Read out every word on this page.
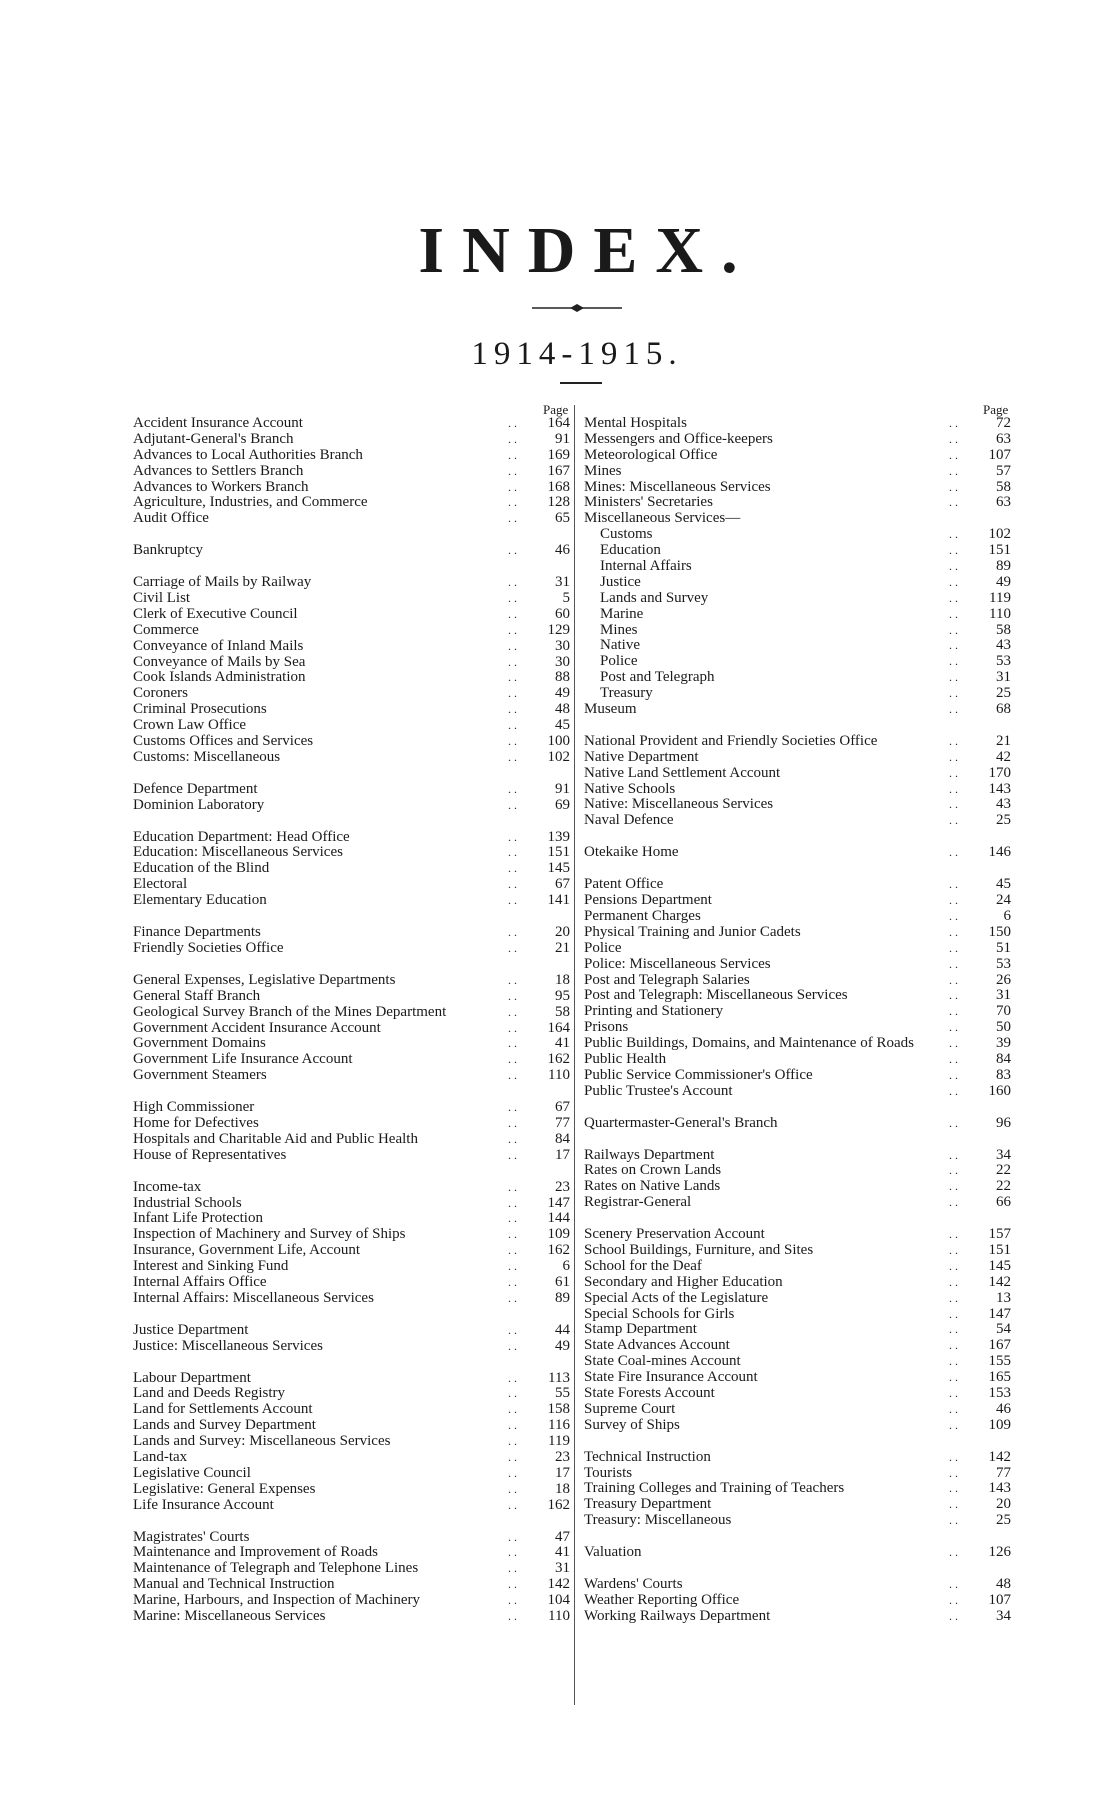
INDEX.
1914-1915.
Page	Page
Accident Insurance Account	.. 164
Adjutant-General's Branch	.. 91
Advances to Local Authorities Branch	.. 169
Advances to Settlers Branch	.. 167
Advances to Workers Branch	.. 168
Agriculture, Industries, and Commerce	.. 128
Audit Office	.. 65
Bankruptcy	.. 46
Carriage of Mails by Railway	.. 31
Civil List	..	5
Clerk of Executive Council	.. 60
Commerce	.. 129
Conveyance of Inland Mails	.. 30
Conveyance of Mails by Sea	.. 30
Cook Islands Administration	.. 88
Coroners	.. 49
Criminal Prosecutions	.. 48
Crown Law Office	.. 45
Customs Offices and Services	.. 100
Customs: Miscellaneous	.. 102
Defence Department	.. 91
Dominion Laboratory	.. 69
Education Department: Head Office	.. 139
Education: Miscellaneous Services	.. 151
Education of the Blind	.. 145
Electoral	.. 67
Elementary Education	.. 141
Finance Departments	.. 20
Friendly Societies Office	.. 21
General Expenses, Legislative Departments	.. 18
General Staff Branch	.. 95
Geological Survey Branch of the Mines Department	.. 58
Government Accident Insurance Account	.. 164
Government Domains	.. 41
Government Life Insurance Account	.. 162
Government Steamers	.. 110
High Commissioner	.. 67
Home for Defectives	.. 77
Hospitals and Charitable Aid and Public Health	.. 84
House of Representatives	.. 17
Income-tax	.. 23
Industrial Schools	.. 147
Infant Life Protection	.. 144
Inspection of Machinery and Survey of Ships	.. 109
Insurance, Government Life, Account	.. 162
Interest and Sinking Fund	..	6
Internal Affairs Office	.. 61
Internal Affairs: Miscellaneous Services	.. 89
Justice Department	.. 44
Justice: Miscellaneous Services	.. 49
Labour Department	.. 113
Land and Deeds Registry	.. 55
Land for Settlements Account	.. 158
Lands and Survey Department	.. 116
Lands and Survey: Miscellaneous Services	.. 119
Land-tax	.. 23
Legislative Council	.. 17
Legislative: General Expenses	.. 18
Life Insurance Account	.. 162
Magistrates' Courts	.. 47
Maintenance and Improvement of Roads	.. 41
Maintenance of Telegraph and Telephone Lines	.. 31
Manual and Technical Instruction	.. 142
Marine, Harbours, and Inspection of Machinery	.. 104
Marine: Miscellaneous Services	.. 110
Mental Hospitals	.. 72
Messengers and Office-keepers	.. 63
Meteorological Office	.. 107
Mines	.. 57
Mines: Miscellaneous Services	.. 58
Ministers' Secretaries	.. 63
Miscellaneous Services—
Customs	.. 102
Education	.. 151
Internal Affairs	.. 89
Justice	.. 49
Lands and Survey	.. 119
Marine	.. 110
Mines	.. 58
Native	.. 43
Police	.. 53
Post and Telegraph	.. 31
Treasury	.. 25
Museum	.. 68
National Provident and Friendly Societies Office	.. 21
Native Department	.. 42
Native Land Settlement Account	.. 170
Native Schools	.. 143
Native: Miscellaneous Services	.. 43
Naval Defence	.. 25
Otekaike Home	.. 146
Patent Office	.. 45
Pensions Department	.. 24
Permanent Charges	..	6
Physical Training and Junior Cadets	.. 150
Police	.. 51
Police: Miscellaneous Services	.. 53
Post and Telegraph Salaries	.. 26
Post and Telegraph: Miscellaneous Services	.. 31
Printing and Stationery	.. 70
Prisons	.. 50
Public Buildings, Domains, and Maintenance of Roads	.. 39
Public Health	.. 84
Public Service Commissioner's Office	.. 83
Public Trustee's Account	.. 160
Quartermaster-General's Branch	.. 96
Railways Department	.. 34
Rates on Crown Lands	.. 22
Rates on Native Lands	.. 22
Registrar-General	.. 66
Scenery Preservation Account	.. 157
School Buildings, Furniture, and Sites	.. 151
School for the Deaf	.. 145
Secondary and Higher Education	.. 142
Special Acts of the Legislature	.. 13
Special Schools for Girls	.. 147
Stamp Department	.. 54
State Advances Account	.. 167
State Coal-mines Account	.. 155
State Fire Insurance Account	.. 165
State Forests Account	.. 153
Supreme Court	.. 46
Survey of Ships	.. 109
Technical Instruction	.. 142
Tourists	.. 77
Training Colleges and Training of Teachers	.. 143
Treasury Department	.. 20
Treasury: Miscellaneous	.. 25
Valuation	.. 126
Wardens' Courts	.. 48
Weather Reporting Office	.. 107
Working Railways Department	.. 34
